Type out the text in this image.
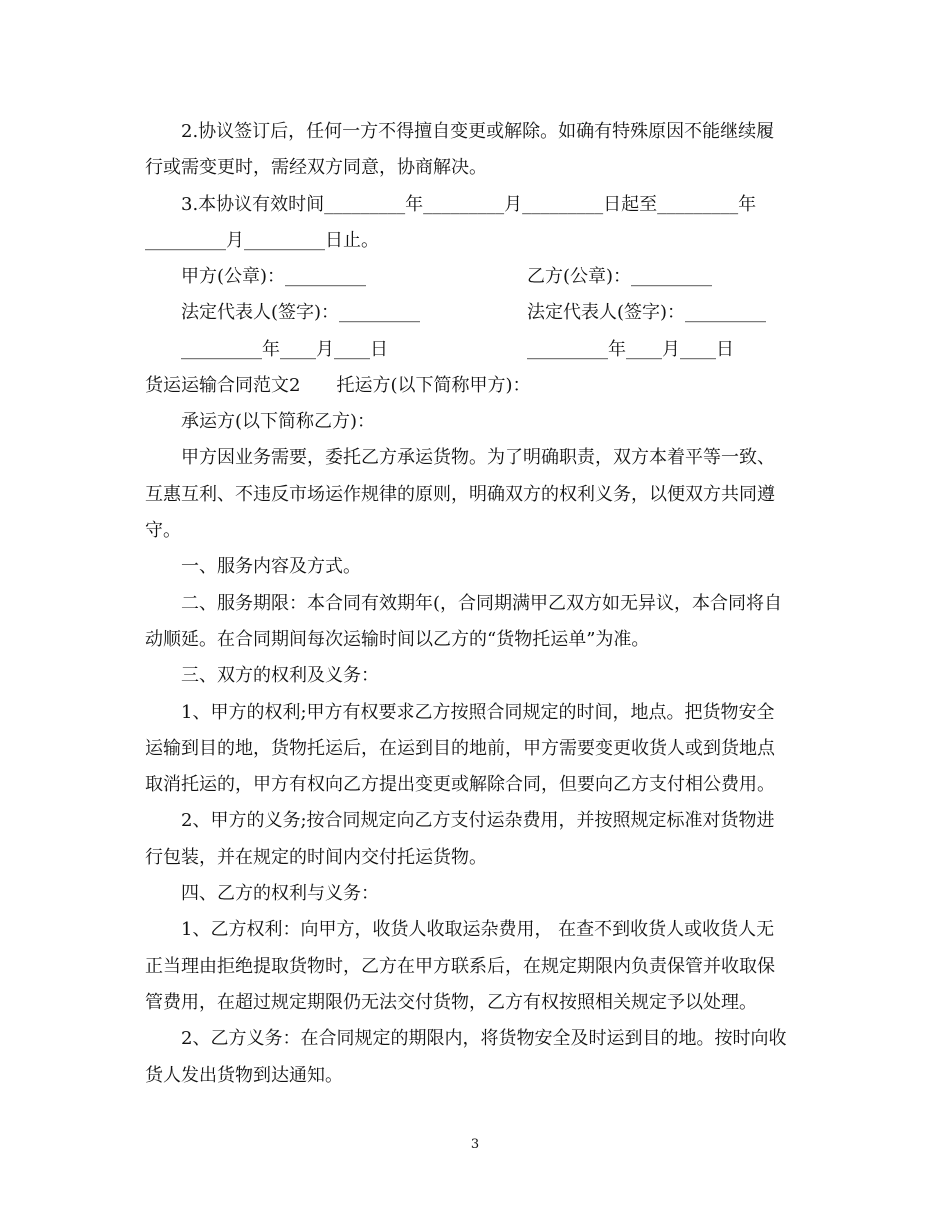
2.协议签订后，任何一方不得擅自变更或解除。如确有特殊原因不能继续履
行或需变更时，需经双方同意，协商解决。
3.本协议有效时间_________年_________月_________日起至_________年
_________月_________日止。
甲方(公章)：_________	乙方(公章)：_________
法定代表人(签字)：_________	法定代表人(签字)：_________
_________年____月____日	_________年____月____日
货运运输合同范文2　　托运方(以下简称甲方)：
承运方(以下简称乙方)：
甲方因业务需要，委托乙方承运货物。为了明确职责，双方本着平等一致、
互惠互利、不违反市场运作规律的原则，明确双方的权利义务，以便双方共同遵
守。
一、服务内容及方式。
二、服务期限：本合同有效期年(，合同期满甲乙双方如无异议，本合同将自
动顺延。在合同期间每次运输时间以乙方的“货物托运单”为准。
三、双方的权利及义务：
1、甲方的权利;甲方有权要求乙方按照合同规定的时间，地点。把货物安全
运输到目的地，货物托运后，在运到目的地前，甲方需要变更收货人或到货地点
取消托运的，甲方有权向乙方提出变更或解除合同，但要向乙方支付相公费用。
2、甲方的义务;按合同规定向乙方支付运杂费用，并按照规定标准对货物进
行包装，并在规定的时间内交付托运货物。
四、乙方的权利与义务：
1、乙方权利：向甲方，收货人收取运杂费用， 在查不到收货人或收货人无
正当理由拒绝提取货物时，乙方在甲方联系后，在规定期限内负责保管并收取保
管费用，在超过规定期限仍无法交付货物，乙方有权按照相关规定予以处理。
2、乙方义务：在合同规定的期限内，将货物安全及时运到目的地。按时向收
货人发出货物到达通知。
3
